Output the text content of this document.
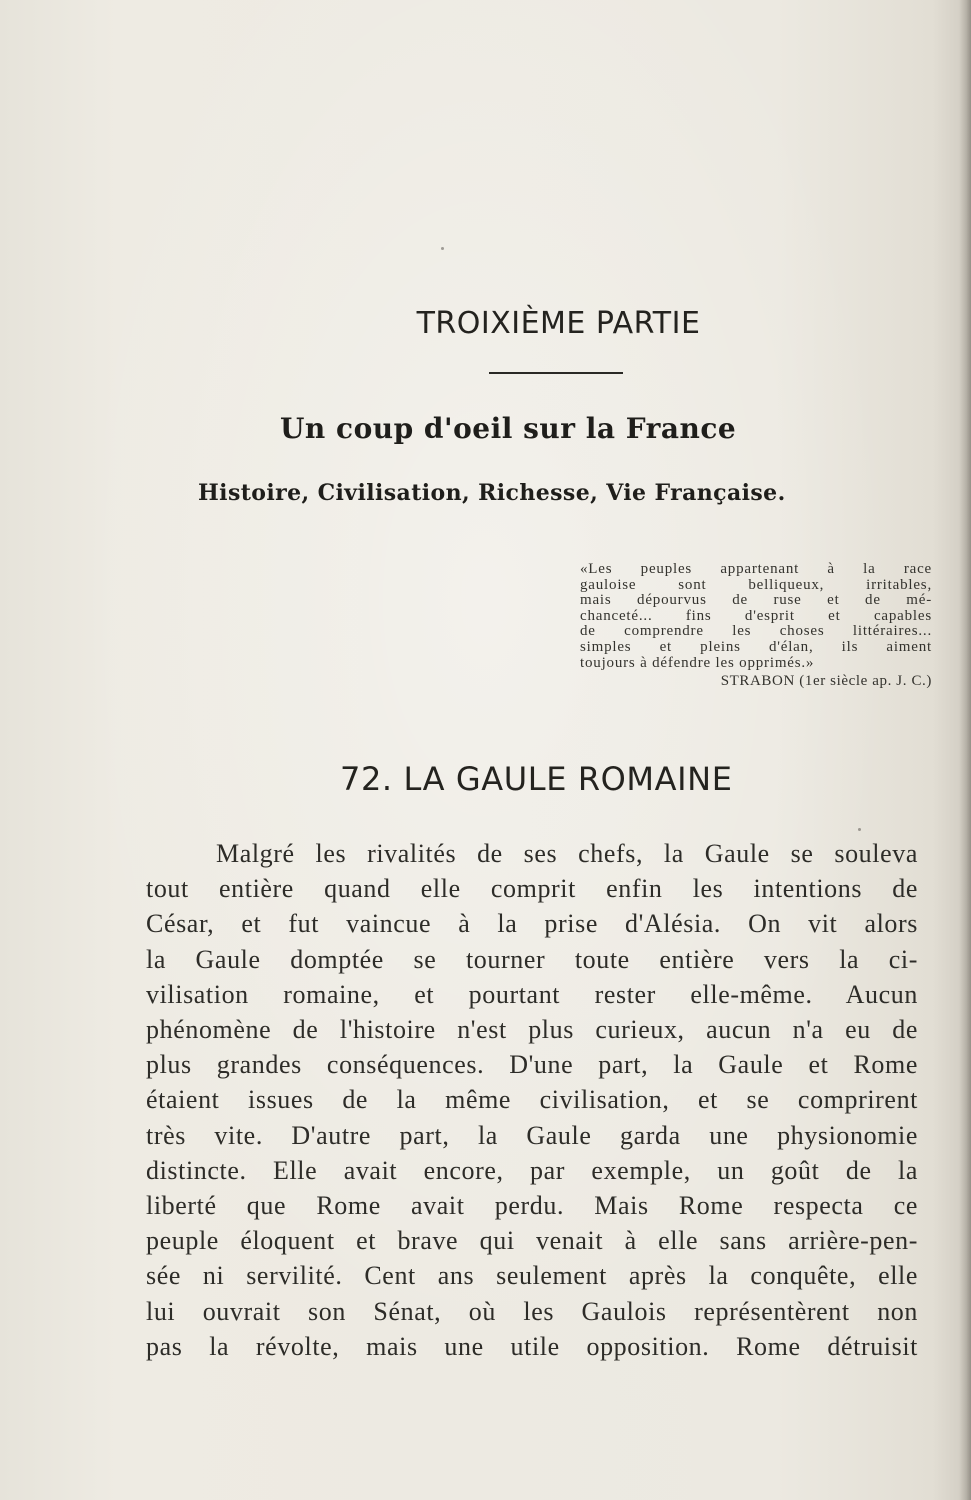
TROIXIÈME PARTIE
Un coup d'oeil sur la France
Histoire, Civilisation, Richesse, Vie Française.
«Les peuples appartenant à la race
gauloise sont belliqueux, irritables,
mais dépourvus de ruse et de mé-
chanceté... fins d'esprit et capables
de comprendre les choses littéraires...
simples et pleins d'élan, ils aiment
toujours à défendre les opprimés.»
STRABON (1er siècle ap. J. C.)
72. LA GAULE ROMAINE
Malgré les rivalités de ses chefs, la Gaule se souleva
tout entière quand elle comprit enfin les intentions de
César, et fut vaincue à la prise d'Alésia. On vit alors
la Gaule domptée se tourner toute entière vers la ci-
vilisation romaine, et pourtant rester elle-même. Aucun
phénomène de l'histoire n'est plus curieux, aucun n'a eu de
plus grandes conséquences. D'une part, la Gaule et Rome
étaient issues de la même civilisation, et se comprirent
très vite. D'autre part, la Gaule garda une physionomie
distincte. Elle avait encore, par exemple, un goût de la
liberté que Rome avait perdu. Mais Rome respecta ce
peuple éloquent et brave qui venait à elle sans arrière-pen-
sée ni servilité. Cent ans seulement après la conquête, elle
lui ouvrait son Sénat, où les Gaulois représentèrent non
pas la révolte, mais une utile opposition. Rome détruisit
